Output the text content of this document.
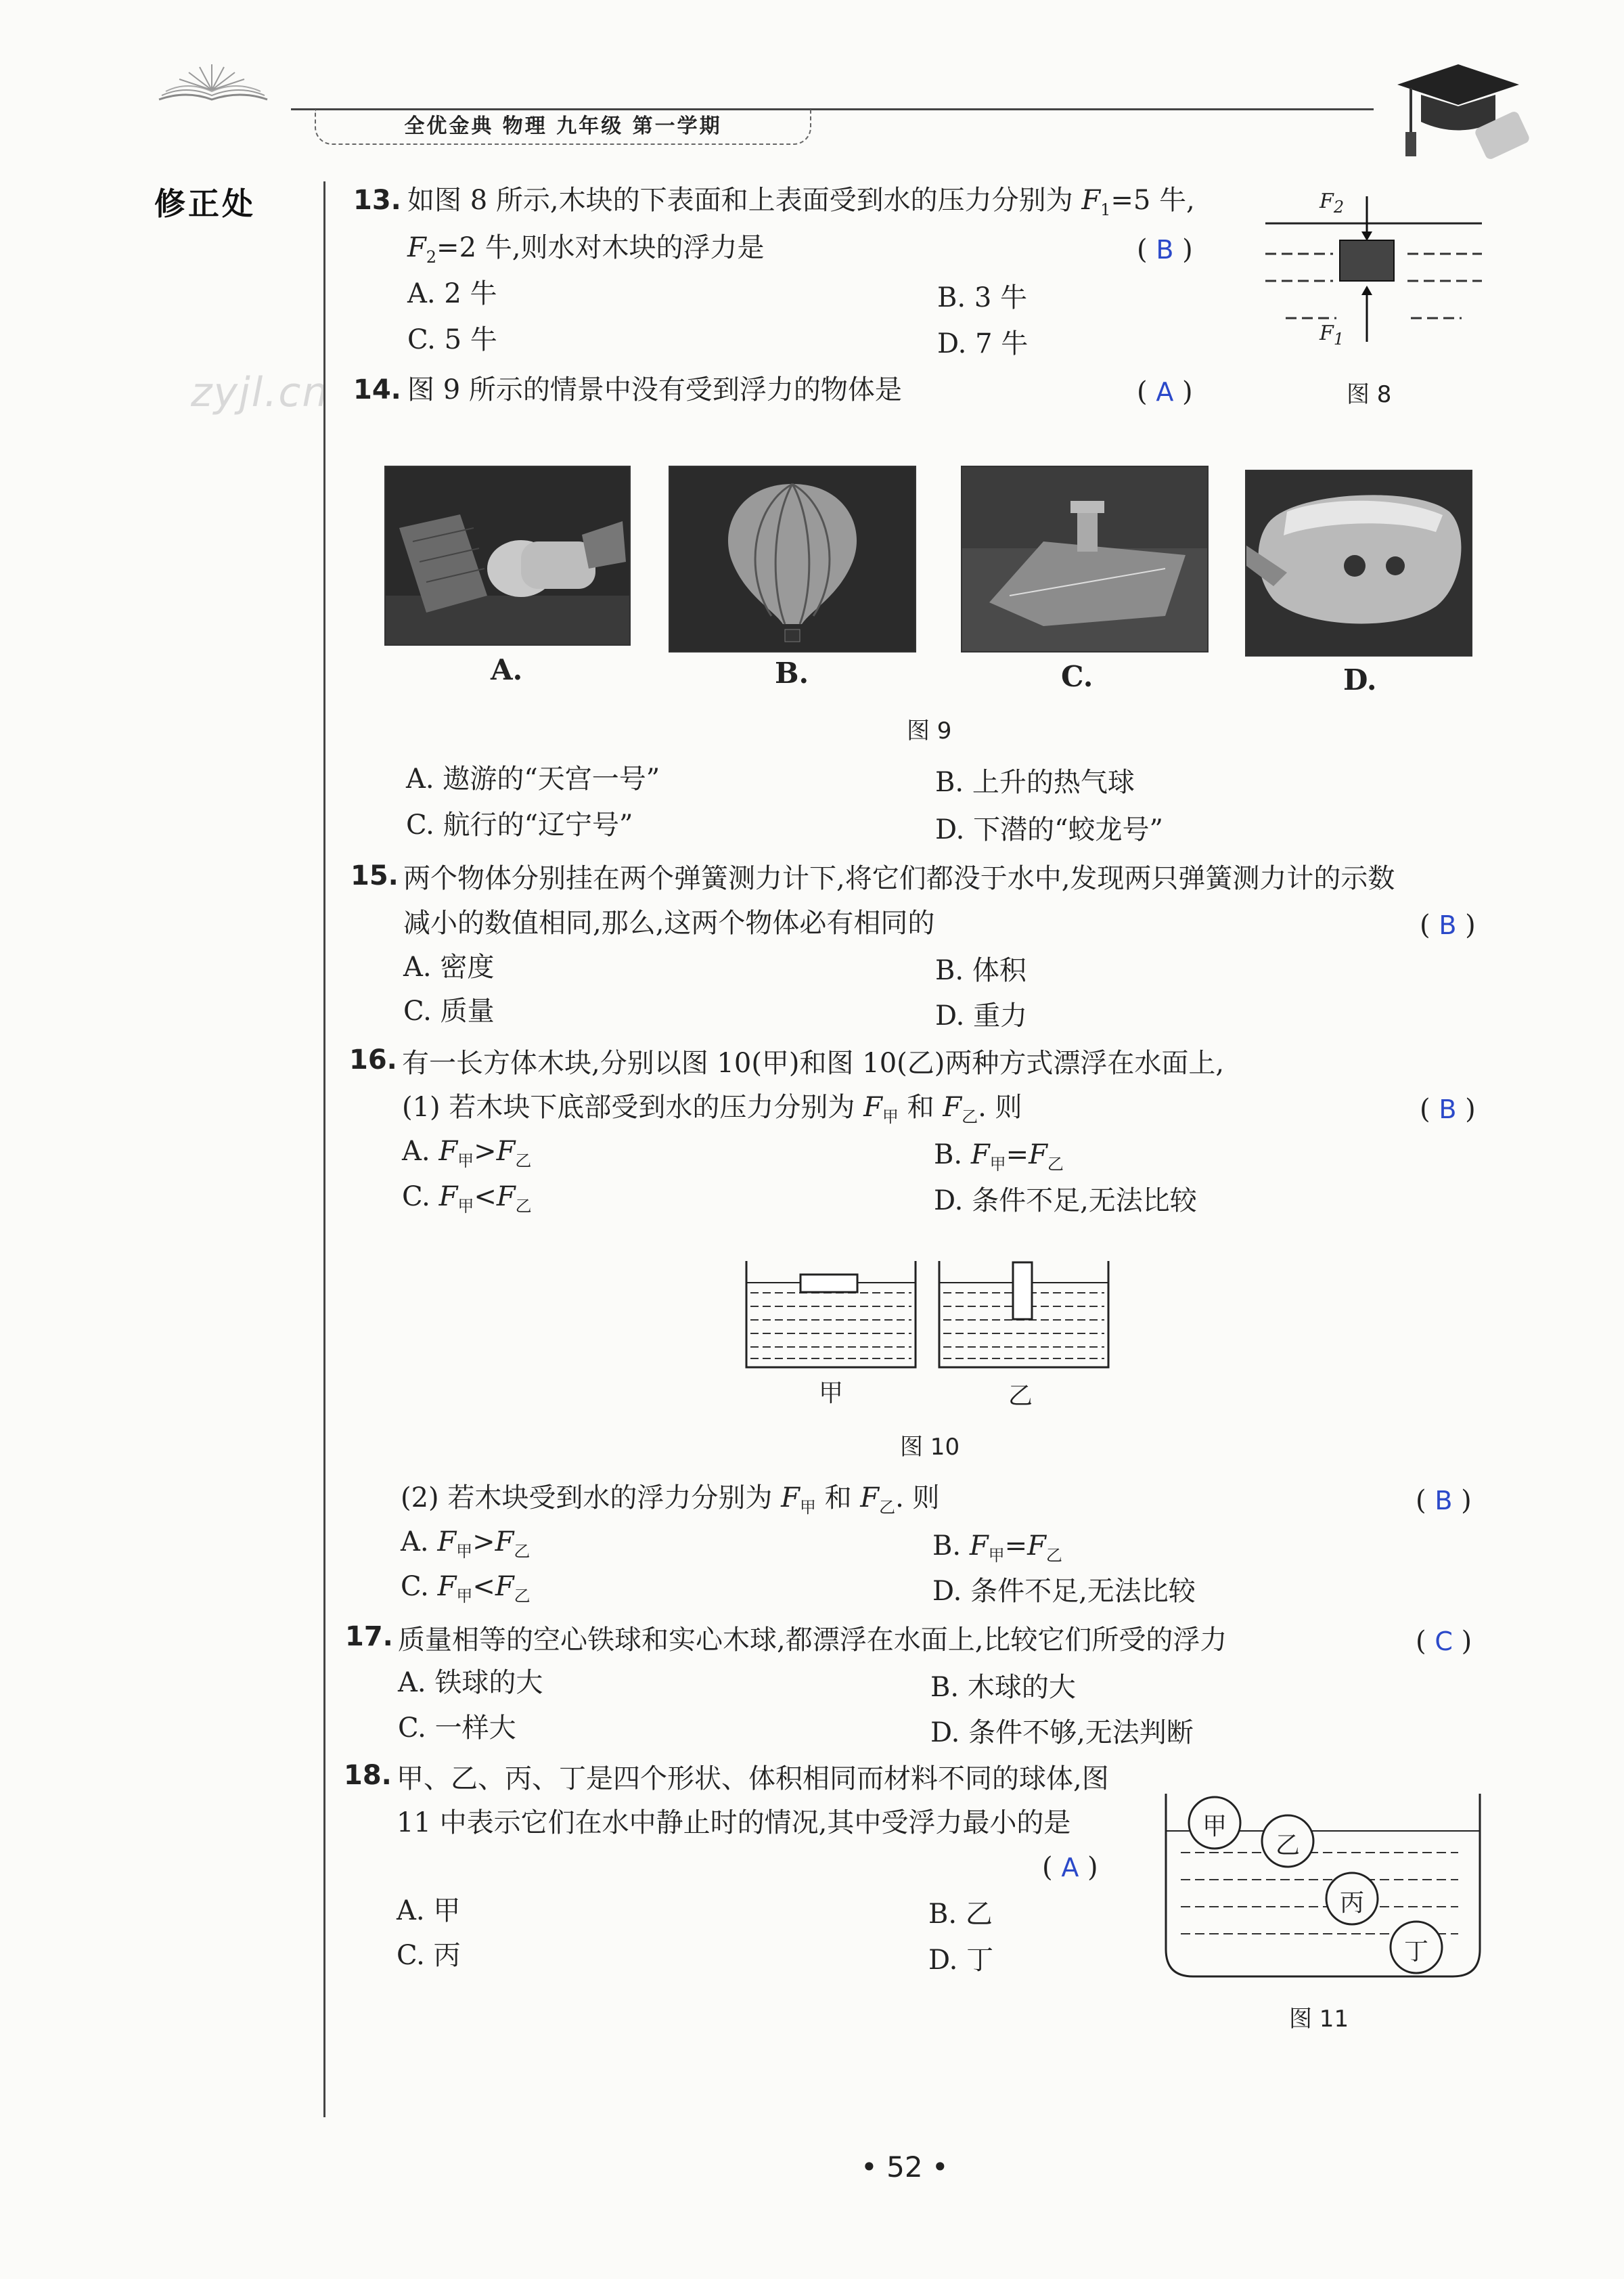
全优金典 物理 九年级 第一学期
修正处
zyjl.cn
13. 如图 8 所示,木块的下表面和上表面受到水的压力分别为 $F_1=5$ 牛,
$F_2=2$ 牛,则水对木块的浮力是	( B )
A. 2 牛	B. 3 牛
C. 5 牛	D. 7 牛
$F_2$
$F_1$
图 8
14. 图 9 所示的情景中没有受到浮力的物体是	( A )
A.	B.	C.	D.
图 9
A. 遨游的“天宫一号”	B. 上升的热气球
C. 航行的“辽宁号”	D. 下潜的“蛟龙号”
15. 两个物体分别挂在两个弹簧测力计下,将它们都没于水中,发现两只弹簧测力计的示数
减小的数值相同,那么,这两个物体必有相同的	( B )
A. 密度	B. 体积
C. 质量	D. 重力
16. 有一长方体木块,分别以图 10(甲)和图 10(乙)两种方式漂浮在水面上,
(1) 若木块下底部受到水的压力分别为 $F_甲$ 和 $F_乙$. 则	( B )
A. $F_甲>F_乙$	B. $F_甲=F_乙$
C. $F_甲<F_乙$	D. 条件不足,无法比较
甲	乙
图 10
(2) 若木块受到水的浮力分别为 $F_甲$ 和 $F_乙$. 则	( B )
A. $F_甲>F_乙$	B. $F_甲=F_乙$
C. $F_甲<F_乙$	D. 条件不足,无法比较
17. 质量相等的空心铁球和实心木球,都漂浮在水面上,比较它们所受的浮力	( C )
A. 铁球的大	B. 木球的大
C. 一样大	D. 条件不够,无法判断
18. 甲、乙、丙、丁是四个形状、体积相同而材料不同的球体,图
11 中表示它们在水中静止时的情况,其中受浮力最小的是
( A )
A. 甲	B. 乙
C. 丙	D. 丁
甲
乙
丙
丁
图 11
• 52 •
